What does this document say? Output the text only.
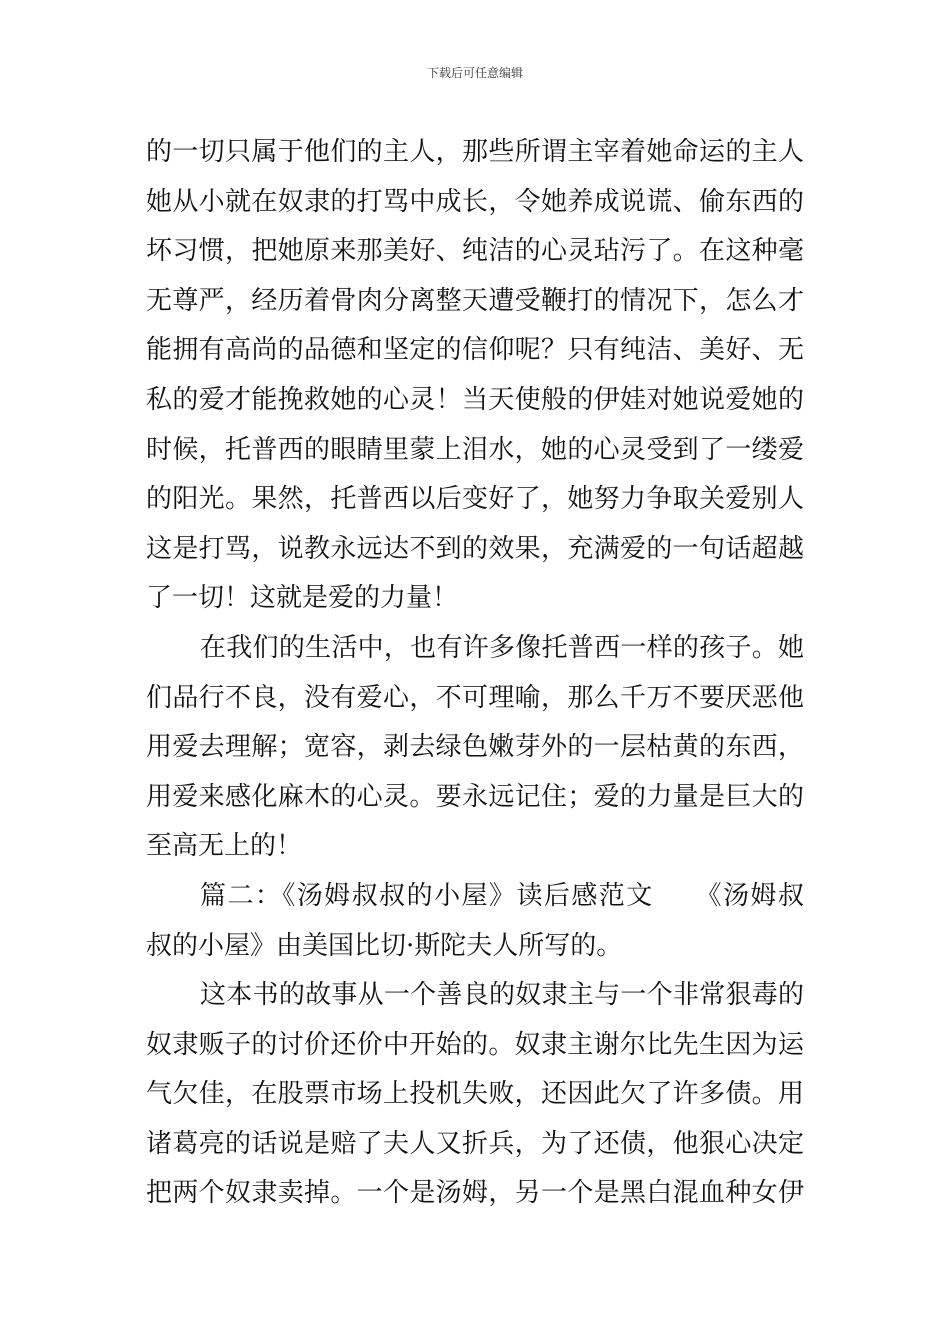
下载后可任意编辑
的一切只属于他们的主人，那些所谓主宰着她命运的主人
她从小就在奴隶的打骂中成长，令她养成说谎、偷东西的
坏习惯，把她原来那美好、纯洁的心灵玷污了。在这种毫
无尊严，经历着骨肉分离整天遭受鞭打的情况下，怎么才
能拥有高尚的品德和坚定的信仰呢？只有纯洁、美好、无
私的爱才能挽救她的心灵！当天使般的伊娃对她说爱她的
时候，托普西的眼睛里蒙上泪水，她的心灵受到了一缕爱
的阳光。果然，托普西以后变好了，她努力争取关爱别人
这是打骂，说教永远达不到的效果，充满爱的一句话超越
了一切！这就是爱的力量！
在我们的生活中，也有许多像托普西一样的孩子。她
们品行不良，没有爱心，不可理喻，那么千万不要厌恶他
用爱去理解；宽容，剥去绿色嫩芽外的一层枯黄的东西，
用爱来感化麻木的心灵。要永远记住；爱的力量是巨大的
至高无上的！
篇二：《汤姆叔叔的小屋》读后感范文　　《汤姆叔
叔的小屋》由美国比切·斯陀夫人所写的。
这本书的故事从一个善良的奴隶主与一个非常狠毒的
奴隶贩子的讨价还价中开始的。奴隶主谢尔比先生因为运
气欠佳，在股票市场上投机失败，还因此欠了许多债。用
诸葛亮的话说是赔了夫人又折兵，为了还债，他狠心决定
把两个奴隶卖掉。一个是汤姆，另一个是黑白混血种女伊
